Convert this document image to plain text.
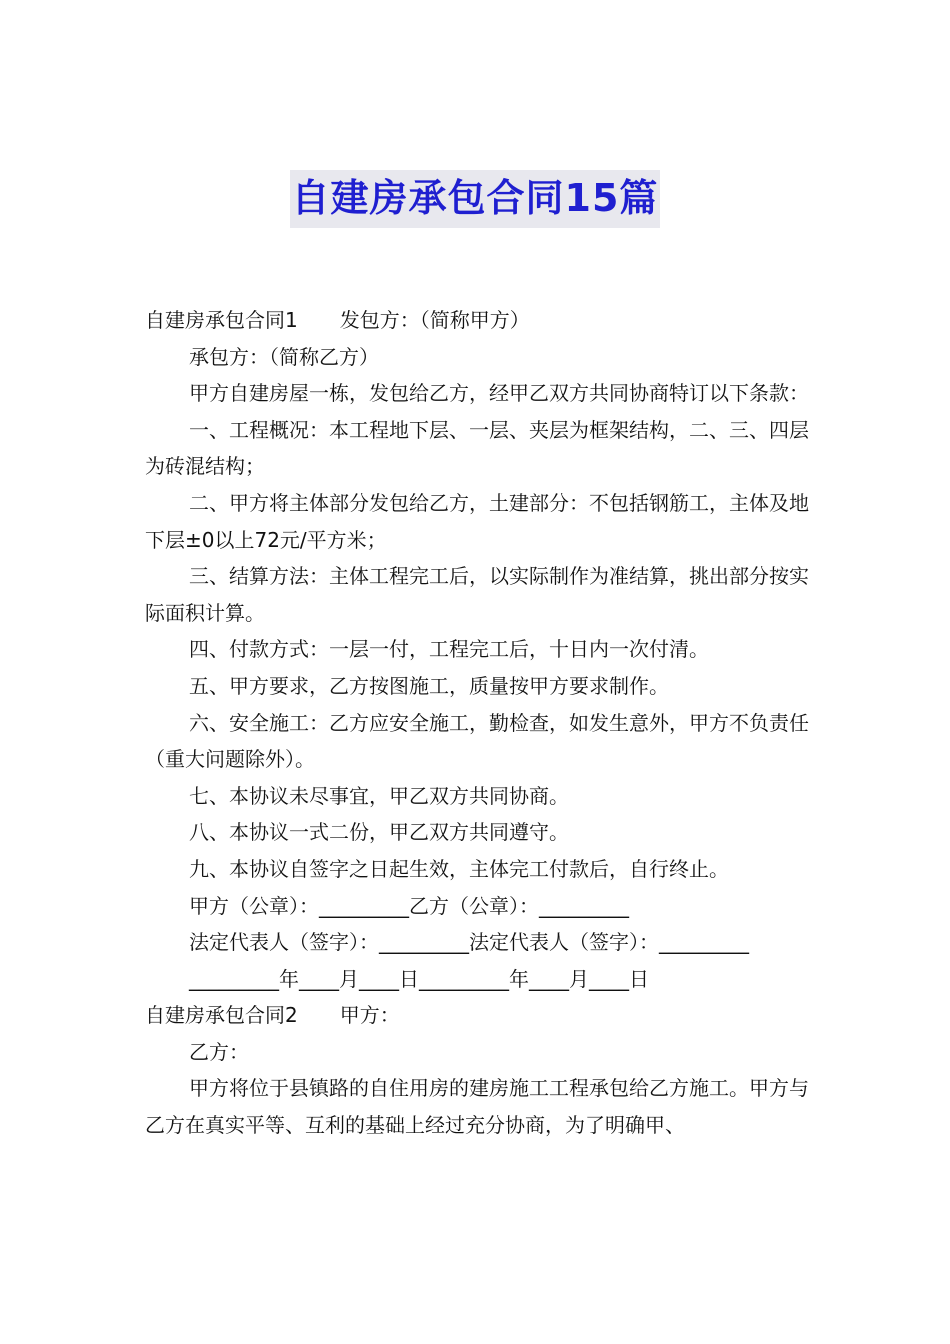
自建房承包合同15篇

自建房承包合同1 发包方：（简称甲方）

承包方：（简称乙方）

甲方自建房屋一栋，发包给乙方，经甲乙双方共同协商特订以下条款：

一、工程概况：本工程地下层、一层、夹层为框架结构，二、三、四层为砖混结构；

二、甲方将主体部分发包给乙方，土建部分：不包括钢筋工，主体及地下层±0以上72元/平方米；

三、结算方法：主体工程完工后，以实际制作为准结算，挑出部分按实际面积计算。

四、付款方式：一层一付，工程完工后，十日内一次付清。

五、甲方要求，乙方按图施工，质量按甲方要求制作。

六、安全施工：乙方应安全施工，勤检查，如发生意外，甲方不负责任（重大问题除外）。

七、本协议未尽事宜，甲乙双方共同协商。

八、本协议一式二份，甲乙双方共同遵守。

九、本协议自签字之日起生效，主体完工付款后，自行终止。

甲方（公章）：_________乙方（公章）：_________

法定代表人（签字）：_________法定代表人（签字）：_________

_________年____月____日_________年____月____日

自建房承包合同2 甲方：

乙方：

甲方将位于县镇路的自住用房的建房施工工程承包给乙方施工。甲方与乙方在真实平等、互利的基础上经过充分协商，为了明确甲、
